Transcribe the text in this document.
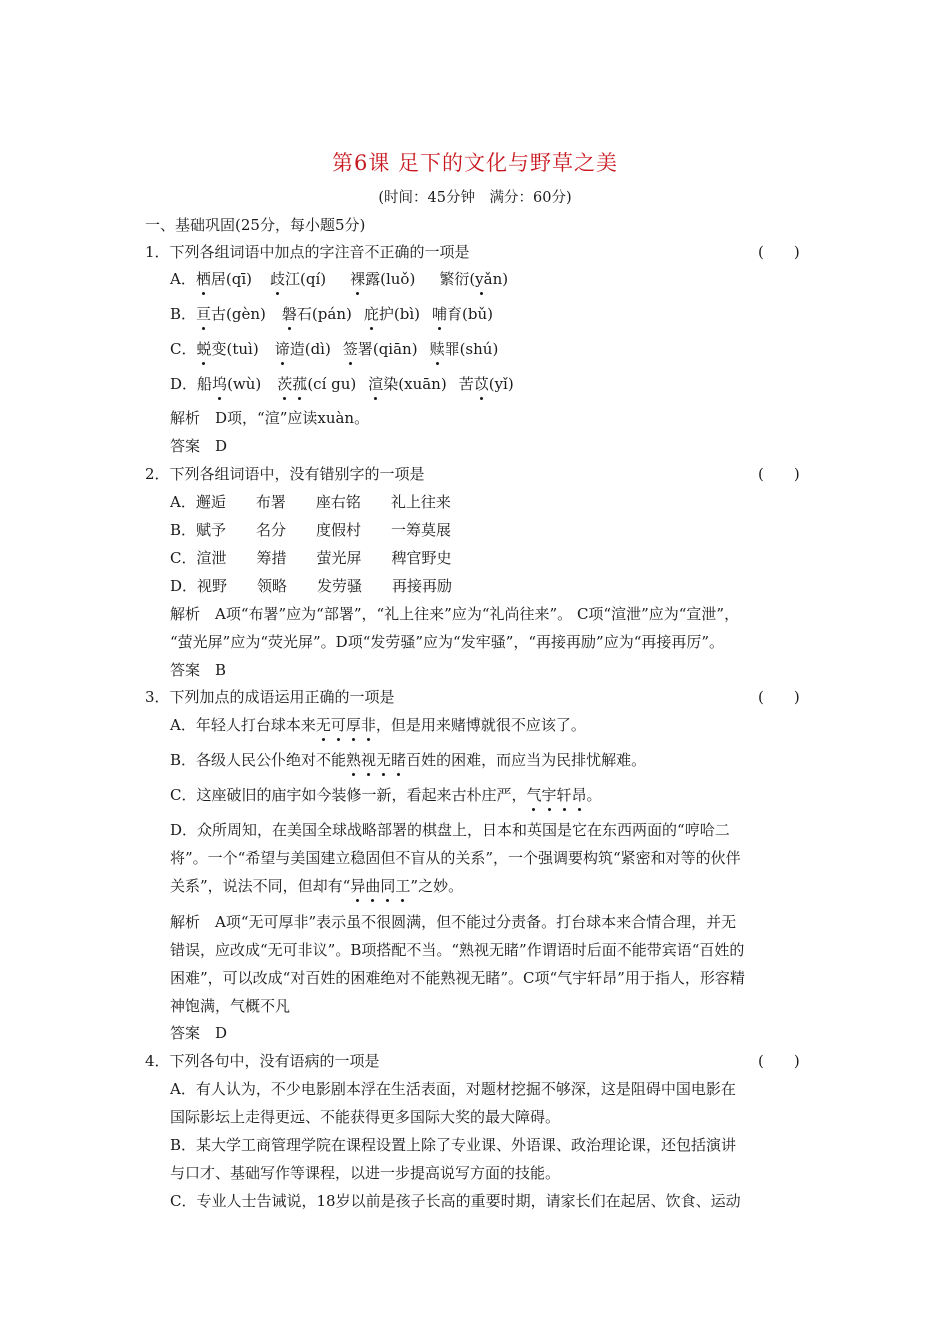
第6课 足下的文化与野草之美
(时间：45分钟　满分：60分)
一、基础巩固(25分，每小题5分)
1．下列各组词语中加点的字注音不正确的一项是	(　　)
A．栖居(qī) 歧江(qí) 裸露(luǒ) 繁衍(yǎn)
B．亘古(gèn) 磐石(pán) 庇护(bì) 哺育(bǔ)
C．蜕变(tuì) 谛造(dì) 签署(qiān) 赎罪(shú)
D．船坞(wù) 茨菰(cí gu) 渲染(xuān) 苦苡(yǐ)
解析　D项，“渲”应读xuàn。
答案　D
2．下列各组词语中，没有错别字的一项是	(　　)
A．邂逅　　布署　　座右铭　　礼上往来
B．赋予　　名分　　度假村　　一筹莫展
C．渲泄　　筹措　　萤光屏　　稗官野史
D．视野　　领略　　发劳骚　　再接再励
解析　A项“布署”应为“部署”，“礼上往来”应为“礼尚往来”。 C项“渲泄”应为“宣泄”，
“萤光屏”应为“荧光屏”。D项“发劳骚”应为“发牢骚”，“再接再励”应为“再接再厉”。
答案　B
3．下列加点的成语运用正确的一项是	(　　)
A．年轻人打台球本来无可厚非，但是用来赌博就很不应该了。
B．各级人民公仆绝对不能熟视无睹百姓的困难，而应当为民排忧解难。
C．这座破旧的庙宇如今装修一新，看起来古朴庄严，气宇轩昂。
D．众所周知，在美国全球战略部署的棋盘上，日本和英国是它在东西两面的“哼哈二
将”。一个“希望与美国建立稳固但不盲从的关系”，一个强调要构筑“紧密和对等的伙伴
关系”，说法不同，但却有“异曲同工”之妙。
解析　A项“无可厚非”表示虽不很圆满，但不能过分责备。打台球本来合情合理，并无
错误，应改成“无可非议”。B项搭配不当。“熟视无睹”作谓语时后面不能带宾语“百姓的
困难”，可以改成“对百姓的困难绝对不能熟视无睹”。C项“气宇轩昂”用于指人，形容精
神饱满，气概不凡
答案　D
4．下列各句中，没有语病的一项是	(　　)
A．有人认为，不少电影剧本浮在生活表面，对题材挖掘不够深，这是阻碍中国电影在
国际影坛上走得更远、不能获得更多国际大奖的最大障碍。
B．某大学工商管理学院在课程设置上除了专业课、外语课、政治理论课，还包括演讲
与口才、基础写作等课程，以进一步提高说写方面的技能。
C．专业人士告诫说，18岁以前是孩子长高的重要时期，请家长们在起居、饮食、运动
